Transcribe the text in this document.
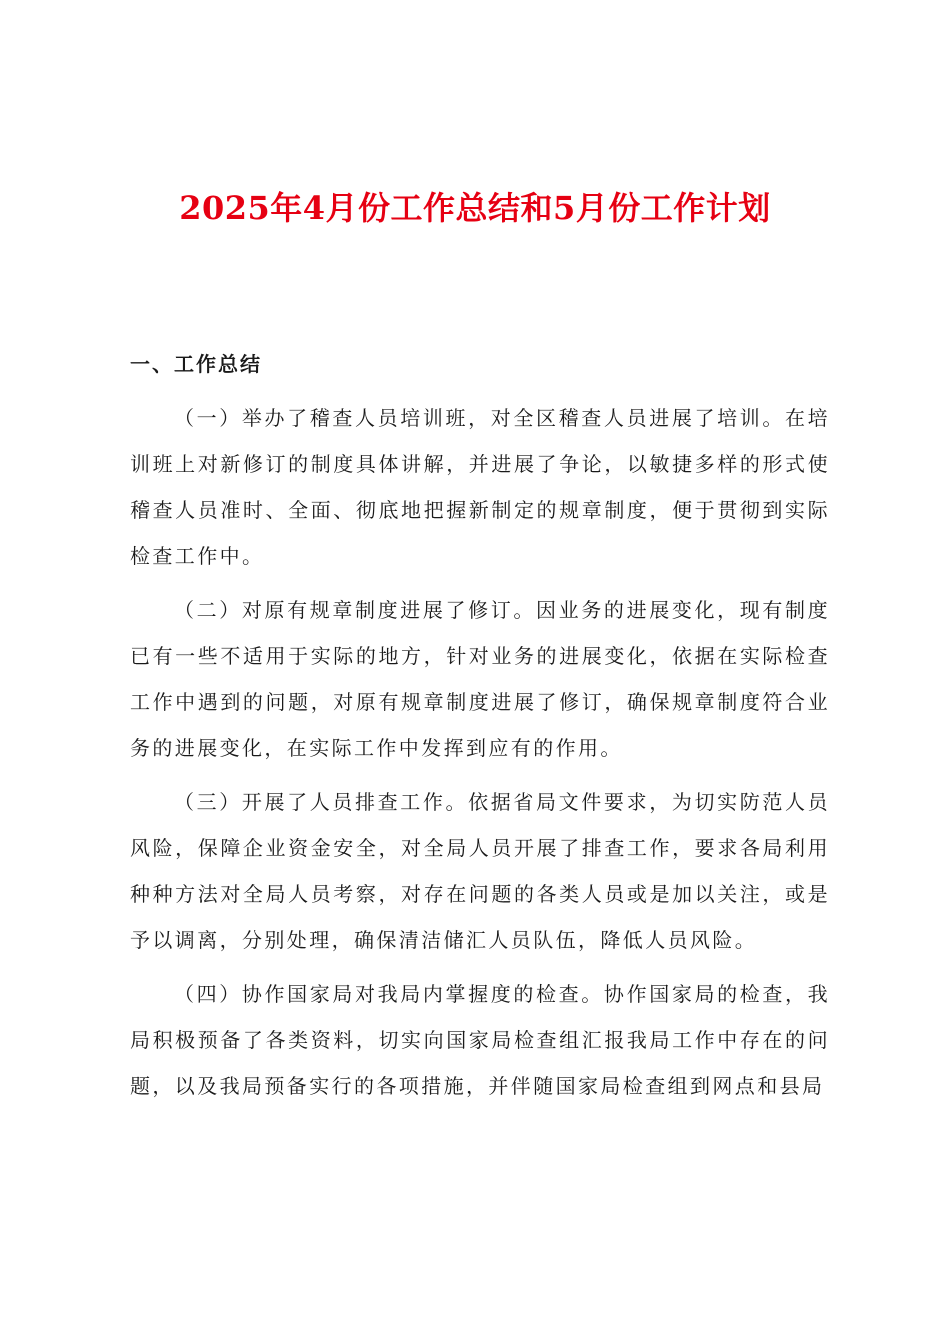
2025年4月份工作总结和5月份工作计划
一、工作总结

（一）举办了稽查人员培训班，对全区稽查人员进展了培训。在培训班上对新修订的制度具体讲解，并进展了争论，以敏捷多样的形式使稽查人员准时、全面、彻底地把握新制定的规章制度，便于贯彻到实际检查工作中。

（二）对原有规章制度进展了修订。因业务的进展变化，现有制度已有一些不适用于实际的地方，针对业务的进展变化，依据在实际检查工作中遇到的问题，对原有规章制度进展了修订，确保规章制度符合业务的进展变化，在实际工作中发挥到应有的作用。

（三）开展了人员排查工作。依据省局文件要求，为切实防范人员风险，保障企业资金安全，对全局人员开展了排查工作，要求各局利用种种方法对全局人员考察，对存在问题的各类人员或是加以关注，或是予以调离，分别处理，确保清洁储汇人员队伍，降低人员风险。

（四）协作国家局对我局内掌握度的检查。协作国家局的检查，我局积极预备了各类资料，切实向国家局检查组汇报我局工作中存在的问题，以及我局预备实行的各项措施，并伴随国家局检查组到网点和县局
